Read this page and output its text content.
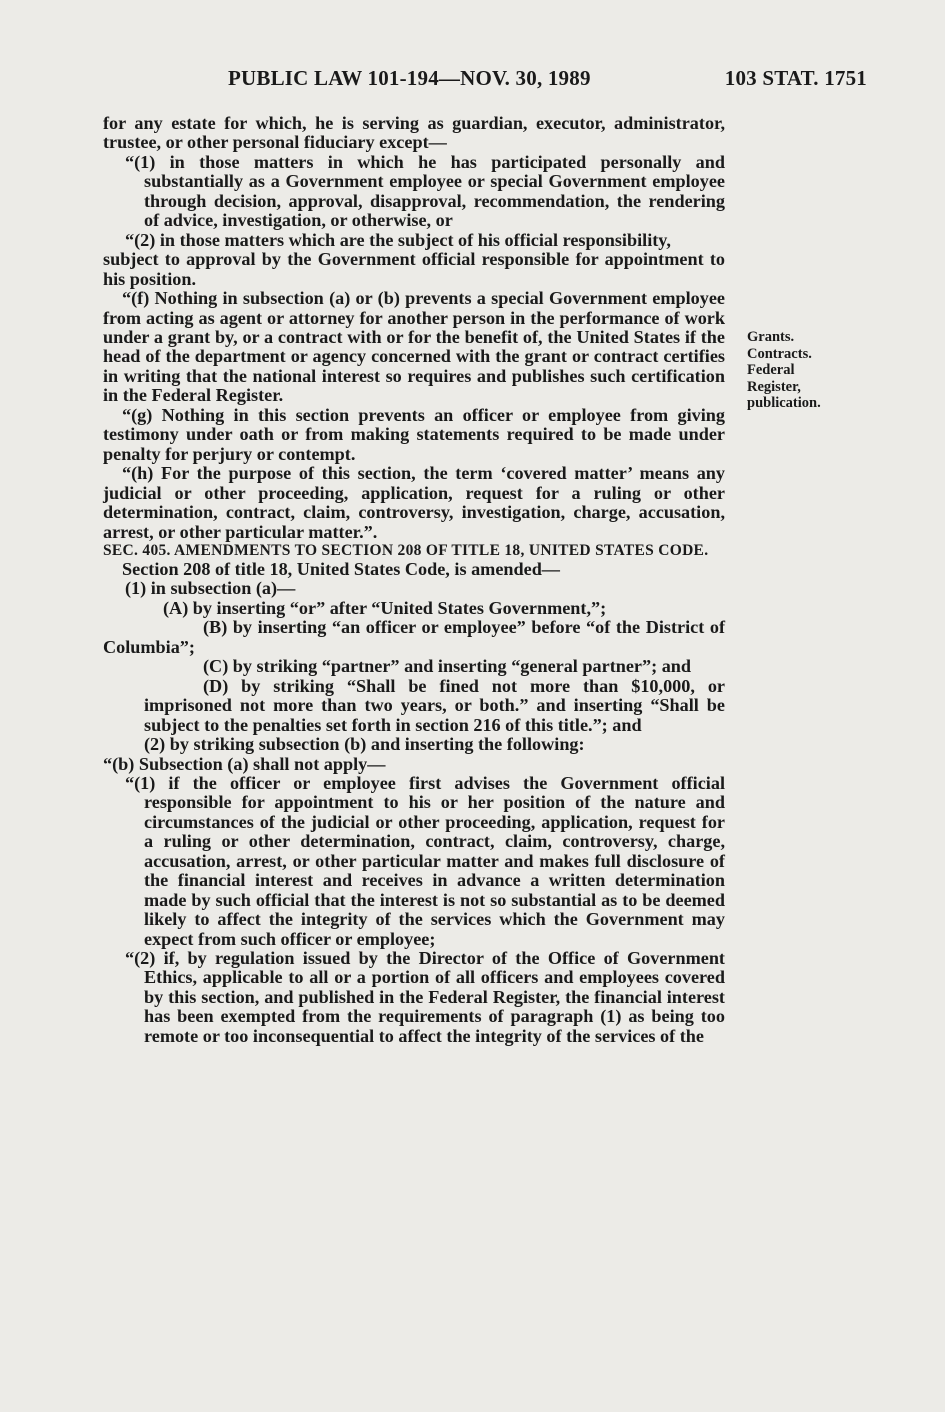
PUBLIC LAW 101-194—NOV. 30, 1989	103 STAT. 1751
Grants.
Contracts.
Federal
Register,
publication.

for any estate for which, he is serving as guardian, executor, administrator, trustee, or other personal fiduciary except—

“(1) in those matters in which he has participated personally and substantially as a Government employee or special Government employee through decision, approval, disapproval, recommendation, the rendering of advice, investigation, or otherwise, or

“(2) in those matters which are the subject of his official responsibility,

subject to approval by the Government official responsible for appointment to his position.

“(f) Nothing in subsection (a) or (b) prevents a special Government employee from acting as agent or attorney for another person in the performance of work under a grant by, or a contract with or for the benefit of, the United States if the head of the department or agency concerned with the grant or contract certifies in writing that the national interest so requires and publishes such certification in the Federal Register.

“(g) Nothing in this section prevents an officer or employee from giving testimony under oath or from making statements required to be made under penalty for perjury or contempt.

“(h) For the purpose of this section, the term ‘covered matter’ means any judicial or other proceeding, application, request for a ruling or other determination, contract, claim, controversy, investigation, charge, accusation, arrest, or other particular matter.”.

SEC. 405. AMENDMENTS TO SECTION 208 OF TITLE 18, UNITED STATES CODE.

Section 208 of title 18, United States Code, is amended—

(1) in subsection (a)—

(A) by inserting “or” after “United States Government,”;

(B) by inserting “an officer or employee” before “of the District of Columbia”;

(C) by striking “partner” and inserting “general partner”; and

(D) by striking “Shall be fined not more than $10,000, or imprisoned not more than two years, or both.” and inserting “Shall be subject to the penalties set forth in section 216 of this title.”; and

(2) by striking subsection (b) and inserting the following:

“(b) Subsection (a) shall not apply—

“(1) if the officer or employee first advises the Government official responsible for appointment to his or her position of the nature and circumstances of the judicial or other proceeding, application, request for a ruling or other determination, contract, claim, controversy, charge, accusation, arrest, or other particular matter and makes full disclosure of the financial interest and receives in advance a written determination made by such official that the interest is not so substantial as to be deemed likely to affect the integrity of the services which the Government may expect from such officer or employee;

“(2) if, by regulation issued by the Director of the Office of Government Ethics, applicable to all or a portion of all officers and employees covered by this section, and published in the Federal Register, the financial interest has been exempted from the requirements of paragraph (1) as being too remote or too inconsequential to affect the integrity of the services of the
